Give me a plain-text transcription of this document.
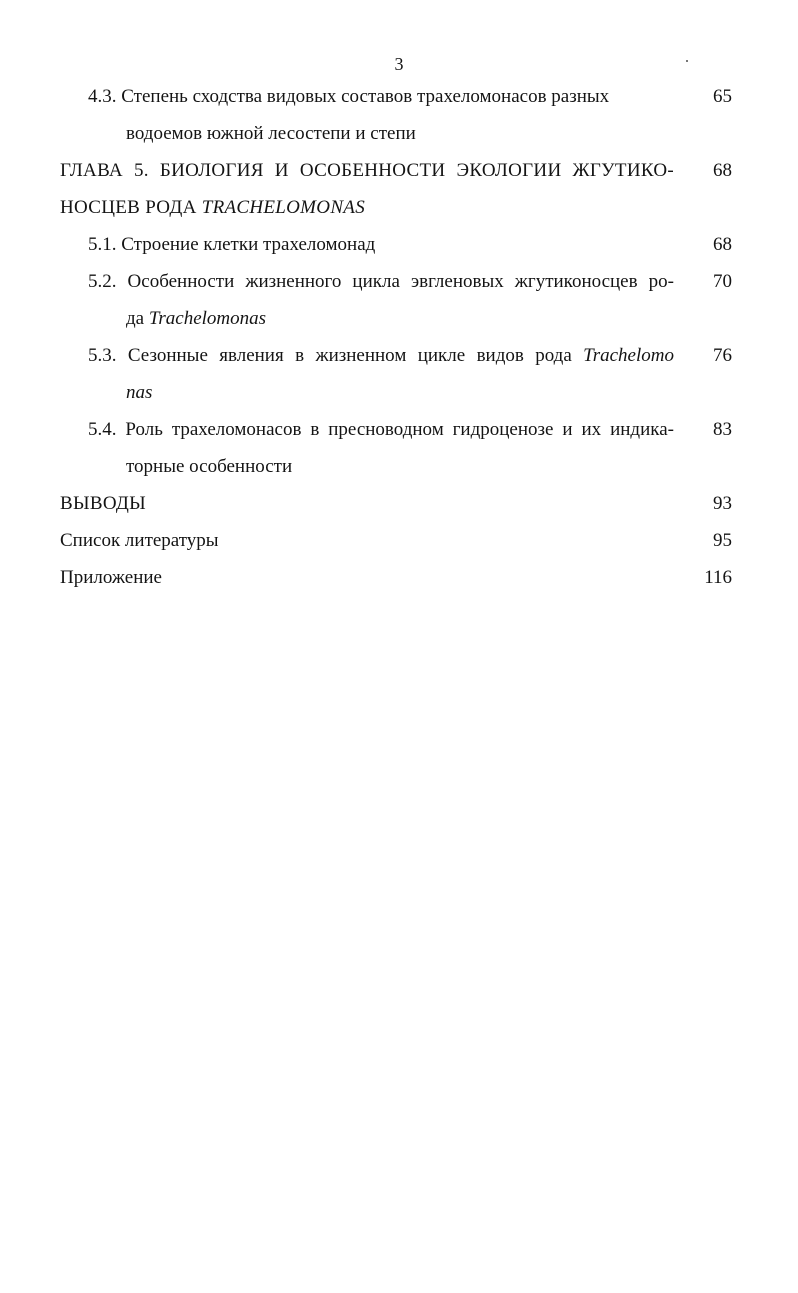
3
4.3. Степень сходства видовых составов трахеломонасов разных	65
водоемов южной лесостепи и степи
ГЛАВА 5. БИОЛОГИЯ И ОСОБЕННОСТИ ЭКОЛОГИИ ЖГУТИКО-	68
НОСЦЕВ РОДА TRACHELOMONAS
5.1. Строение клетки трахеломонад	68
5.2. Особенности жизненного цикла эвгленовых жгутиконосцев ро-	70
да Trachelomonas
5.3. Сезонные явления в жизненном цикле видов рода Trachelomo	76
nas
5.4. Роль трахеломонасов в пресноводном гидроценозе и их индика-	83
торные особенности
ВЫВОДЫ	93
Список литературы	95
Приложение	116
